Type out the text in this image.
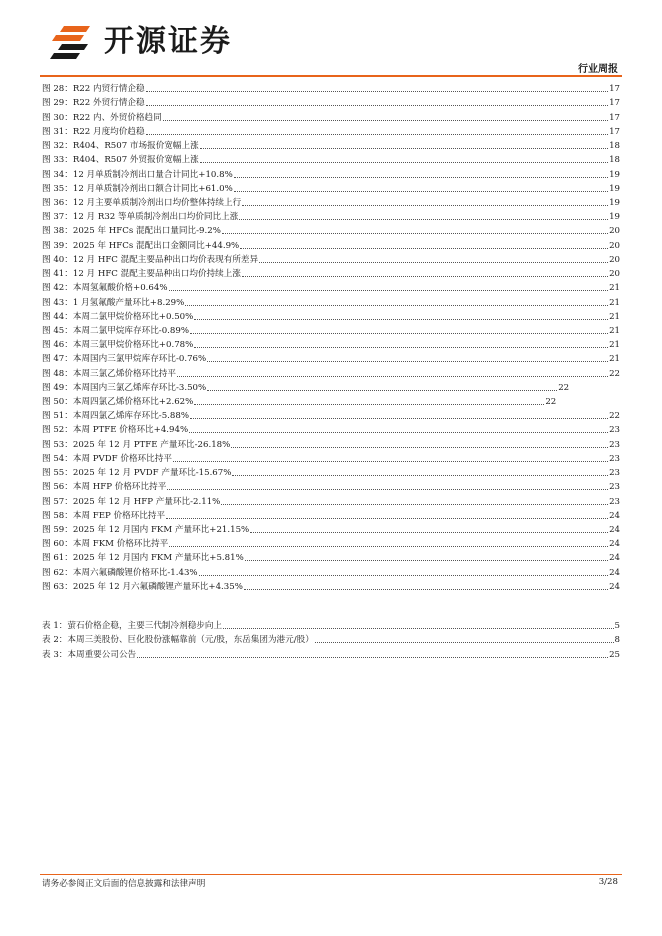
开源证券
行业周报
图 28： R22 内贸行情企稳	17
图 29： R22 外贸行情企稳	17
图 30： R22 内、外贸价格趋同	17
图 31： R22 月度均价趋稳	17
图 32： R404、R507 市场报价宽幅上涨	18
图 33： R404、R507 外贸报价宽幅上涨	18
图 34： 12 月单质制冷剂出口量合计同比+10.8%	19
图 35： 12 月单质制冷剂出口额合计同比+61.0%	19
图 36： 12 月主要单质制冷剂出口均价整体持续上行	19
图 37： 12 月 R32 等单质制冷剂出口均价同比上涨	19
图 38： 2025 年 HFCs 混配出口量同比-9.2%	20
图 39： 2025 年 HFCs 混配出口金额同比+44.9%	20
图 40： 12 月 HFC 混配主要品种出口均价表现有所差异	20
图 41： 12 月 HFC 混配主要品种出口均价持续上涨	20
图 42： 本周氢氟酸价格+0.64%	21
图 43： 1 月氢氟酸产量环比+8.29%	21
图 44： 本周二氯甲烷价格环比+0.50%	21
图 45： 本周二氯甲烷库存环比-0.89%	21
图 46： 本周三氯甲烷价格环比+0.78%	21
图 47： 本周国内三氯甲烷库存环比-0.76%	21
图 48： 本周三氯乙烯价格环比持平	22
图 49： 本周国内三氯乙烯库存环比-3.50%	22
图 50： 本周四氯乙烯价格环比+2.62%	22
图 51： 本周四氯乙烯库存环比-5.88%	22
图 52： 本周 PTFE 价格环比+4.94%	23
图 53： 2025 年 12 月 PTFE 产量环比-26.18%	23
图 54： 本周 PVDF 价格环比持平	23
图 55： 2025 年 12 月 PVDF 产量环比-15.67%	23
图 56： 本周 HFP 价格环比持平	23
图 57： 2025 年 12 月 HFP 产量环比-2.11%	23
图 58： 本周 FEP 价格环比持平	24
图 59： 2025 年 12 月国内 FKM 产量环比+21.15%	24
图 60： 本周 FKM 价格环比持平	24
图 61： 2025 年 12 月国内 FKM 产量环比+5.81%	24
图 62： 本周六氟磷酸锂价格环比-1.43%	24
图 63： 2025 年 12 月六氟磷酸锂产量环比+4.35%	24
表 1： 萤石价格企稳，主要三代制冷剂稳步向上	5
表 2： 本周三美股份、巨化股份涨幅靠前（元/股，东岳集团为港元/股）	8
表 3： 本周重要公司公告	25
请务必参阅正文后面的信息披露和法律声明	3/28
